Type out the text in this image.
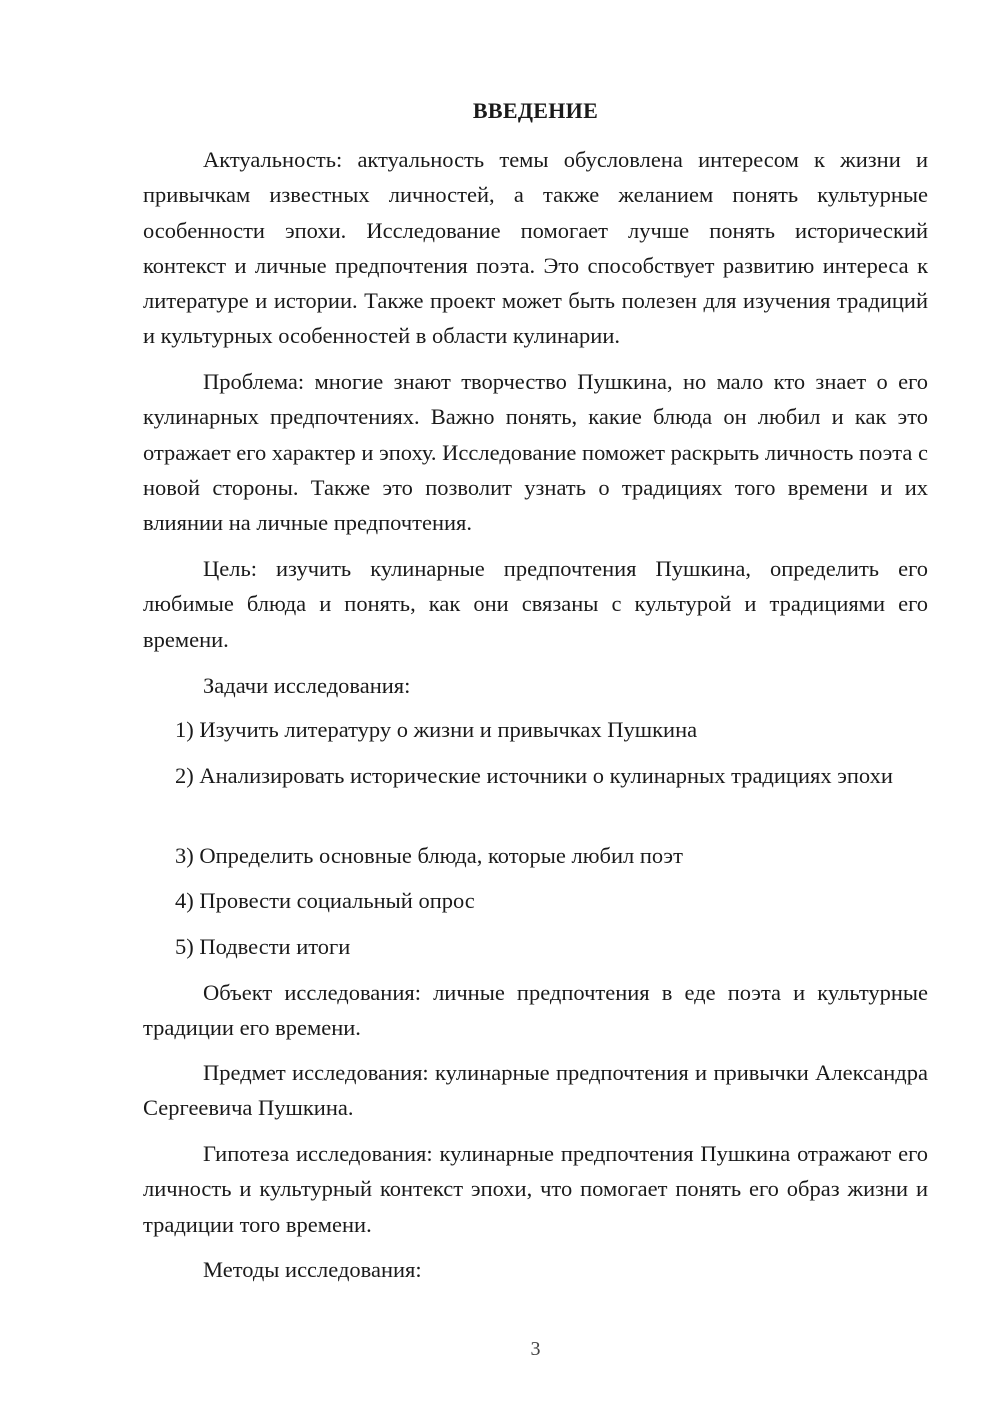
ВВЕДЕНИЕ

Актуальность: актуальность темы обусловлена интересом к жизни и привычкам известных личностей, а также желанием понять культурные особенности эпохи. Исследование помогает лучше понять исторический контекст и личные предпочтения поэта. Это способствует развитию интереса к литературе и истории. Также проект может быть полезен для изучения традиций и культурных особенностей в области кулинарии.

Проблема: многие знают творчество Пушкина, но мало кто знает о его кулинарных предпочтениях. Важно понять, какие блюда он любил и как это отражает его характер и эпоху. Исследование поможет раскрыть личность поэта с новой стороны. Также это позволит узнать о традициях того времени и их влиянии на личные предпочтения.

Цель: изучить кулинарные предпочтения Пушкина, определить его любимые блюда и понять, как они связаны с культурой и традициями его времени.

Задачи исследования:

1) Изучить литературу о жизни и привычках Пушкина

2) Анализировать исторические источники о кулинарных традициях эпохи

3) Определить основные блюда, которые любил поэт

4) Провести социальный опрос

5) Подвести итоги

Объект исследования: личные предпочтения в еде поэта и культурные традиции его времени.

Предмет исследования: кулинарные предпочтения и привычки Александра Сергеевича Пушкина.

Гипотеза исследования: кулинарные предпочтения Пушкина отражают его личность и культурный контекст эпохи, что помогает понять его образ жизни и традиции того времени.

Методы исследования:

3
